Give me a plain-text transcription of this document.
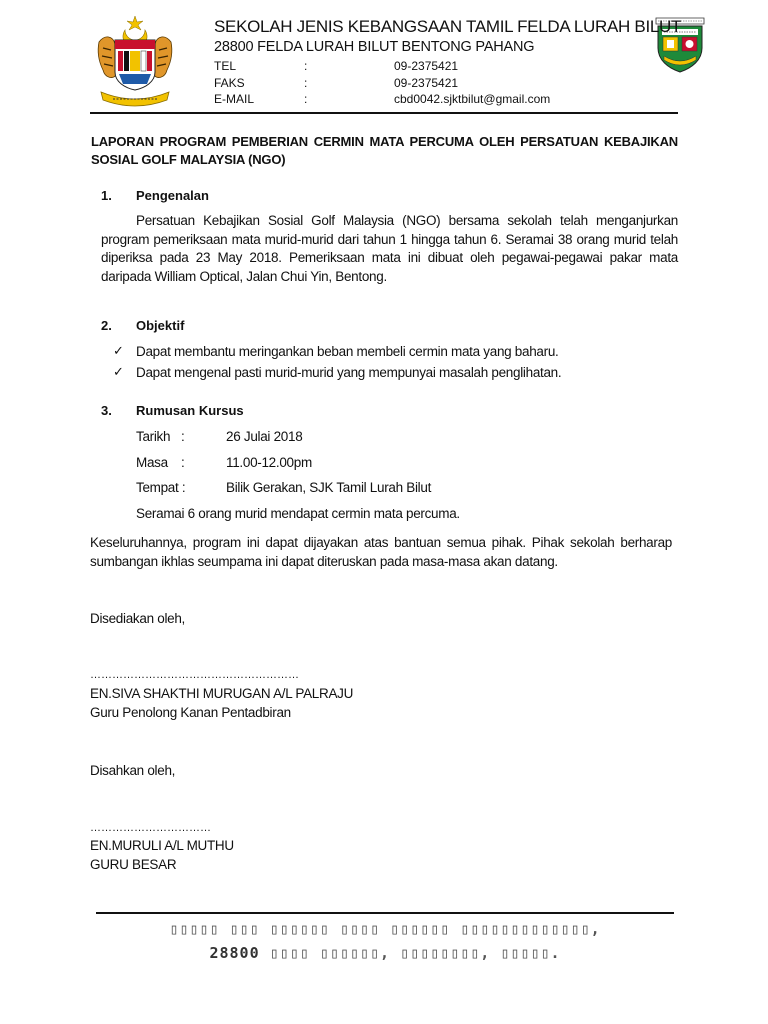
SEKOLAH JENIS KEBANGSAAN TAMIL FELDA LURAH BILUT
28800 FELDA LURAH BILUT BENTONG PAHANG
TEL	:	09-2375421
FAKS	:	09-2375421
E-MAIL	:	cbd0042.sjktbilut@gmail.com
LAPORAN PROGRAM PEMBERIAN CERMIN MATA PERCUMA OLEH PERSATUAN KEBAJIKAN SOSIAL GOLF MALAYSIA (NGO)
1. Pengenalan
Persatuan Kebajikan Sosial Golf Malaysia (NGO) bersama sekolah telah menganjurkan program pemeriksaan mata murid-murid dari tahun 1 hingga tahun 6. Seramai 38 orang murid telah diperiksa pada 23 May 2018. Pemeriksaan mata ini dibuat oleh pegawai-pegawai pakar mata daripada William Optical, Jalan Chui Yin, Bentong.
2. Objektif
✓ Dapat membantu meringankan beban membeli cermin mata yang baharu.
✓ Dapat mengenal pasti murid-murid yang mempunyai masalah penglihatan.
3. Rumusan Kursus
Tarikh :	26 Julai 2018
Masa :	11.00-12.00pm
Tempat :	Bilik Gerakan, SJK Tamil Lurah Bilut
Seramai 6 orang murid mendapat cermin mata percuma.
Keseluruhannya, program ini dapat dijayakan atas bantuan semua pihak. Pihak sekolah berharap sumbangan ikhlas seumpama ini dapat diteruskan pada masa-masa akan datang.
Disediakan oleh,
…………………………………………………
EN.SIVA SHAKTHI MURUGAN A/L PALRAJU
Guru Penolong Kanan Pentadbiran
Disahkan oleh,
……………………………
EN.MURULI A/L MUTHU
GURU BESAR
▯▯▯▯▯ ▯▯▯ ▯▯▯▯▯▯ ▯▯▯▯ ▯▯▯▯▯▯ ▯▯▯▯▯▯▯▯▯▯▯▯▯,
28800 ▯▯▯▯ ▯▯▯▯▯▯, ▯▯▯▯▯▯▯▯, ▯▯▯▯▯.
